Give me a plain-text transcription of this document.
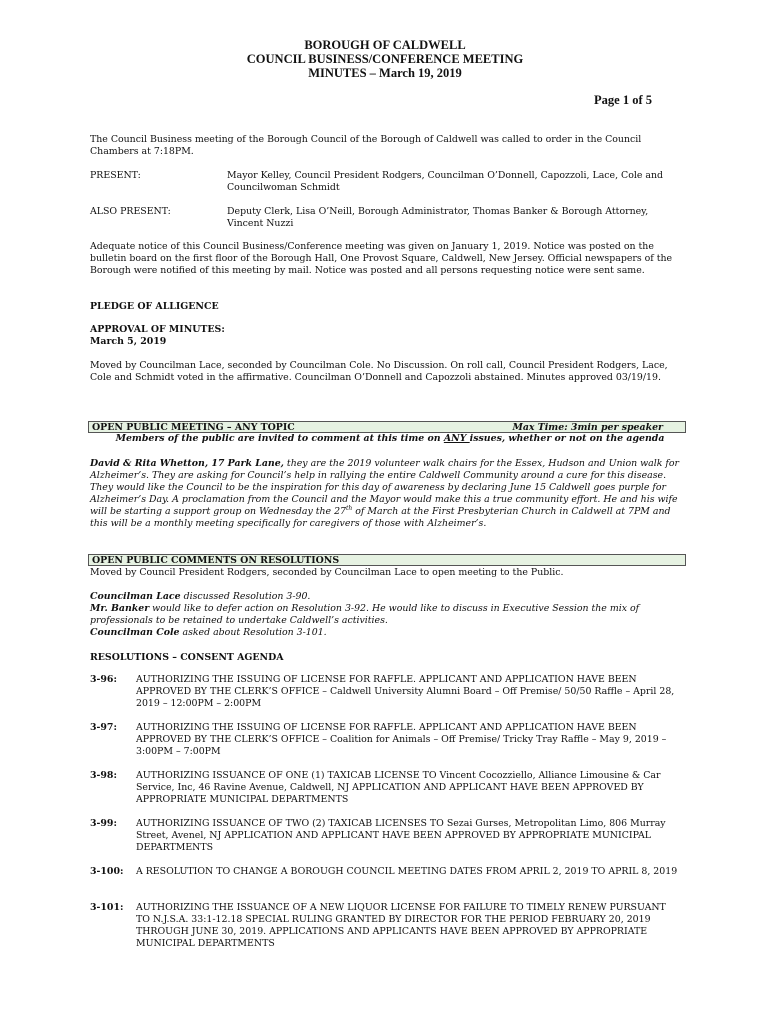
BOROUGH OF CALDWELL
COUNCIL BUSINESS/CONFERENCE MEETING
MINUTES – March 19, 2019
Page 1 of 5
The Council Business meeting of the Borough Council of the Borough of Caldwell was called to order in the Council Chambers at 7:18PM.
PRESENT:	Mayor Kelley, Council President Rodgers, Councilman O’Donnell, Capozzoli, Lace, Cole and Councilwoman Schmidt
ALSO PRESENT:	Deputy Clerk, Lisa O’Neill, Borough Administrator, Thomas Banker & Borough Attorney, Vincent Nuzzi
Adequate notice of this Council Business/Conference meeting was given on January 1, 2019. Notice was posted on the bulletin board on the first floor of the Borough Hall, One Provost Square, Caldwell, New Jersey. Official newspapers of the Borough were notified of this meeting by mail. Notice was posted and all persons requesting notice were sent same.
PLEDGE OF ALLIGENCE
APPROVAL OF MINUTES:
March 5, 2019
Moved by Councilman Lace, seconded by Councilman Cole. No Discussion. On roll call, Council President Rodgers, Lace, Cole and Schmidt voted in the affirmative. Councilman O’Donnell and Capozzoli abstained. Minutes approved 03/19/19.
OPEN PUBLIC MEETING – ANY TOPIC	Max Time: 3min per speaker
Members of the public are invited to comment at this time on ANY issues, whether or not on the agenda
David & Rita Whetton, 17 Park Lane, they are the 2019 volunteer walk chairs for the Essex, Hudson and Union walk for Alzheimer’s. They are asking for Council’s help in rallying the entire Caldwell Community around a cure for this disease. They would like the Council to be the inspiration for this day of awareness by declaring June 15 Caldwell goes purple for Alzheimer’s Day. A proclamation from the Council and the Mayor would make this a true community effort. He and his wife will be starting a support group on Wednesday the 27th of March at the First Presbyterian Church in Caldwell at 7PM and this will be a monthly meeting specifically for caregivers of those with Alzheimer’s.
OPEN PUBLIC COMMENTS ON RESOLUTIONS
Moved by Council President Rodgers, seconded by Councilman Lace to open meeting to the Public.
Councilman Lace discussed Resolution 3-90.
Mr. Banker would like to defer action on Resolution 3-92. He would like to discuss in Executive Session the mix of professionals to be retained to undertake Caldwell’s activities.
Councilman Cole asked about Resolution 3-101.
RESOLUTIONS – CONSENT AGENDA
3-96: AUTHORIZING THE ISSUING OF LICENSE FOR RAFFLE. APPLICANT AND APPLICATION HAVE BEEN APPROVED BY THE CLERK’S OFFICE – Caldwell University Alumni Board – Off Premise/ 50/50 Raffle – April 28, 2019 – 12:00PM – 2:00PM
3-97: AUTHORIZING THE ISSUING OF LICENSE FOR RAFFLE. APPLICANT AND APPLICATION HAVE BEEN APPROVED BY THE CLERK’S OFFICE – Coalition for Animals – Off Premise/ Tricky Tray Raffle – May 9, 2019 – 3:00PM – 7:00PM
3-98: AUTHORIZING ISSUANCE OF ONE (1) TAXICAB LICENSE TO Vincent Cocozziello, Alliance Limousine & Car Service, Inc, 46 Ravine Avenue, Caldwell, NJ APPLICATION AND APPLICANT HAVE BEEN APPROVED BY APPROPRIATE MUNICIPAL DEPARTMENTS
3-99: AUTHORIZING ISSUANCE OF TWO (2) TAXICAB LICENSES TO Sezai Gurses, Metropolitan Limo, 806 Murray Street, Avenel, NJ APPLICATION AND APPLICANT HAVE BEEN APPROVED BY APPROPRIATE MUNICIPAL DEPARTMENTS
3-100: A RESOLUTION TO CHANGE A BOROUGH COUNCIL MEETING DATES FROM APRIL 2, 2019 TO APRIL 8, 2019
3-101: AUTHORIZING THE ISSUANCE OF A NEW LIQUOR LICENSE FOR FAILURE TO TIMELY RENEW PURSUANT TO N.J.S.A. 33:1-12.18 SPECIAL RULING GRANTED BY DIRECTOR FOR THE PERIOD FEBRUARY 20, 2019 THROUGH JUNE 30, 2019. APPLICATIONS AND APPLICANTS HAVE BEEN APPROVED BY APPROPRIATE MUNICIPAL DEPARTMENTS
